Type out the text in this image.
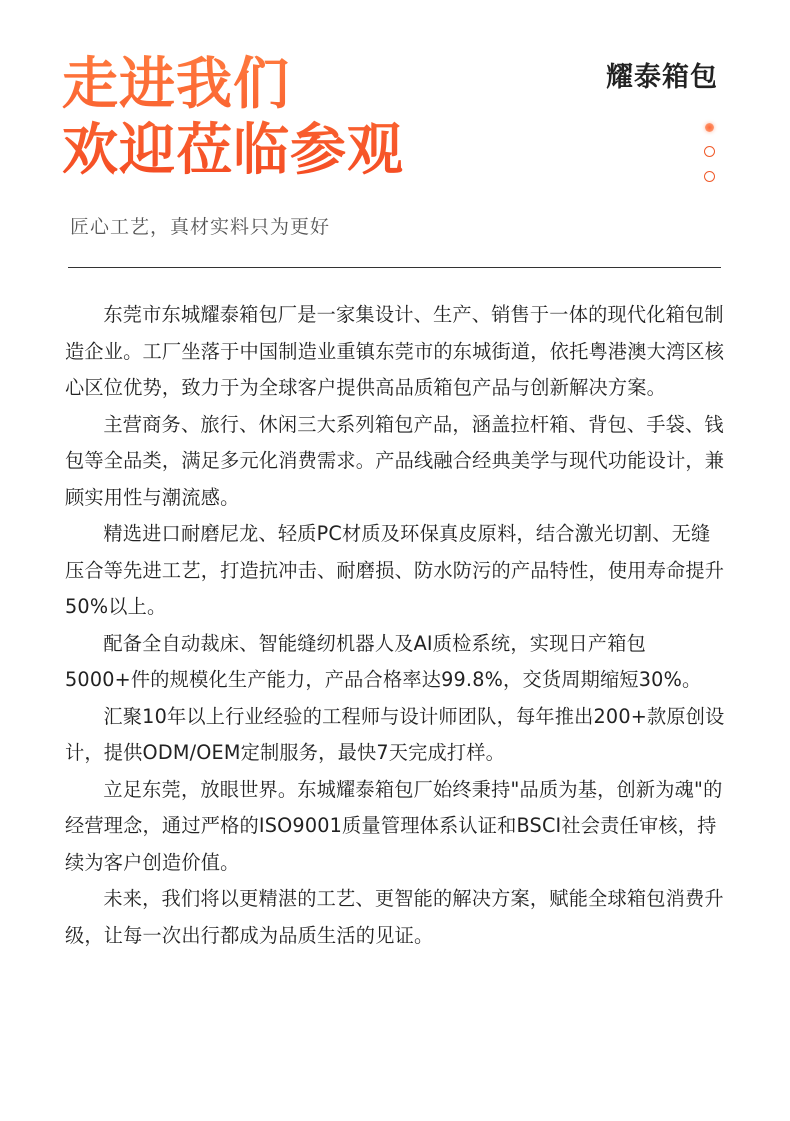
走进我们
欢迎莅临参观
耀泰箱包
匠心工艺，真材实料只为更好

东莞市东城耀泰箱包厂是一家集设计、生产、销售于一体的现代化箱包制造企业。工厂坐落于中国制造业重镇东莞市的东城街道，依托粤港澳大湾区核心区位优势，致力于为全球客户提供高品质箱包产品与创新解决方案。

主营商务、旅行、休闲三大系列箱包产品，涵盖拉杆箱、背包、手袋、钱包等全品类，满足多元化消费需求。产品线融合经典美学与现代功能设计，兼顾实用性与潮流感。

精选进口耐磨尼龙、轻质PC材质及环保真皮原料，结合激光切割、无缝压合等先进工艺，打造抗冲击、耐磨损、防水防污的产品特性，使用寿命提升50%以上。

配备全自动裁床、智能缝纫机器人及AI质检系统，实现日产箱包5000+件的规模化生产能力，产品合格率达99.8%，交货周期缩短30%。

汇聚10年以上行业经验的工程师与设计师团队，每年推出200+款原创设计，提供ODM/OEM定制服务，最快7天完成打样。

立足东莞，放眼世界。东城耀泰箱包厂始终秉持"品质为基，创新为魂"的经营理念，通过严格的ISO9001质量管理体系认证和BSCI社会责任审核，持续为客户创造价值。

未来，我们将以更精湛的工艺、更智能的解决方案，赋能全球箱包消费升级，让每一次出行都成为品质生活的见证。
